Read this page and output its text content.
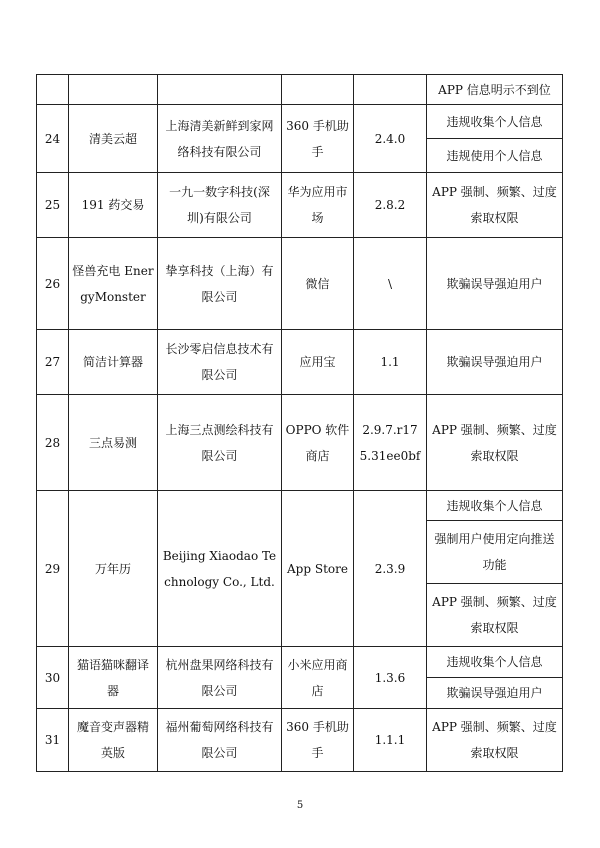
					APP 信息明示不到位
24	清美云超	上海清美新鲜到家网络科技有限公司	360 手机助手	2.4.0	违规收集个人信息
					违规使用个人信息
25	191 药交易	一九一数字科技(深圳)有限公司	华为应用市场	2.8.2	APP 强制、频繁、过度索取权限
26	怪兽充电 EnergyMonster	挚享科技（上海）有限公司	微信	\	欺骗误导强迫用户
27	简洁计算器	长沙零启信息技术有限公司	应用宝	1.1	欺骗误导强迫用户
28	三点易测	上海三点测绘科技有限公司	OPPO 软件商店	2.9.7.r175.31ee0bf	APP 强制、频繁、过度索取权限
29	万年历	Beijing Xiaodao Technology Co., Ltd.	App Store	2.3.9	违规收集个人信息
					强制用户使用定向推送功能
					APP 强制、频繁、过度索取权限
30	猫语猫咪翻译器	杭州盘果网络科技有限公司	小米应用商店	1.3.6	违规收集个人信息
					欺骗误导强迫用户
31	魔音变声器精英版	福州葡萄网络科技有限公司	360 手机助手	1.1.1	APP 强制、频繁、过度索取权限
5
